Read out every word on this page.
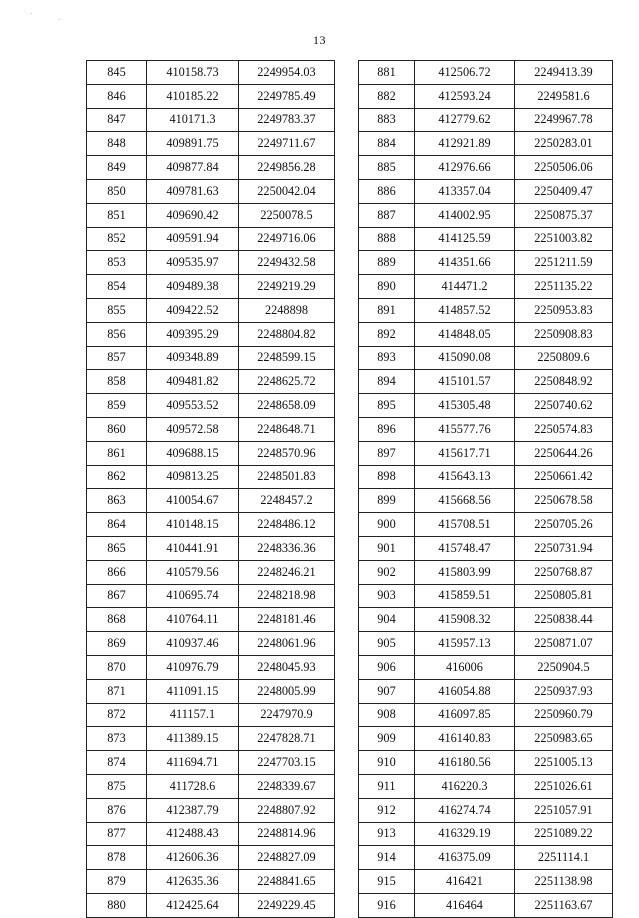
·
·
13
845	410158.73	2249954.03
846	410185.22	2249785.49
847	410171.3	2249783.37
848	409891.75	2249711.67
849	409877.84	2249856.28
850	409781.63	2250042.04
851	409690.42	2250078.5
852	409591.94	2249716.06
853	409535.97	2249432.58
854	409489.38	2249219.29
855	409422.52	2248898
856	409395.29	2248804.82
857	409348.89	2248599.15
858	409481.82	2248625.72
859	409553.52	2248658.09
860	409572.58	2248648.71
861	409688.15	2248570.96
862	409813.25	2248501.83
863	410054.67	2248457.2
864	410148.15	2248486.12
865	410441.91	2248336.36
866	410579.56	2248246.21
867	410695.74	2248218.98
868	410764.11	2248181.46
869	410937.46	2248061.96
870	410976.79	2248045.93
871	411091.15	2248005.99
872	411157.1	2247970.9
873	411389.15	2247828.71
874	411694.71	2247703.15
875	411728.6	2248339.67
876	412387.79	2248807.92
877	412488.43	2248814.96
878	412606.36	2248827.09
879	412635.36	2248841.65
880	412425.64	2249229.45
881	412506.72	2249413.39
882	412593.24	2249581.6
883	412779.62	2249967.78
884	412921.89	2250283.01
885	412976.66	2250506.06
886	413357.04	2250409.47
887	414002.95	2250875.37
888	414125.59	2251003.82
889	414351.66	2251211.59
890	414471.2	2251135.22
891	414857.52	2250953.83
892	414848.05	2250908.83
893	415090.08	2250809.6
894	415101.57	2250848.92
895	415305.48	2250740.62
896	415577.76	2250574.83
897	415617.71	2250644.26
898	415643.13	2250661.42
899	415668.56	2250678.58
900	415708.51	2250705.26
901	415748.47	2250731.94
902	415803.99	2250768.87
903	415859.51	2250805.81
904	415908.32	2250838.44
905	415957.13	2250871.07
906	416006	2250904.5
907	416054.88	2250937.93
908	416097.85	2250960.79
909	416140.83	2250983.65
910	416180.56	2251005.13
911	416220.3	2251026.61
912	416274.74	2251057.91
913	416329.19	2251089.22
914	416375.09	2251114.1
915	416421	2251138.98
916	416464	2251163.67
